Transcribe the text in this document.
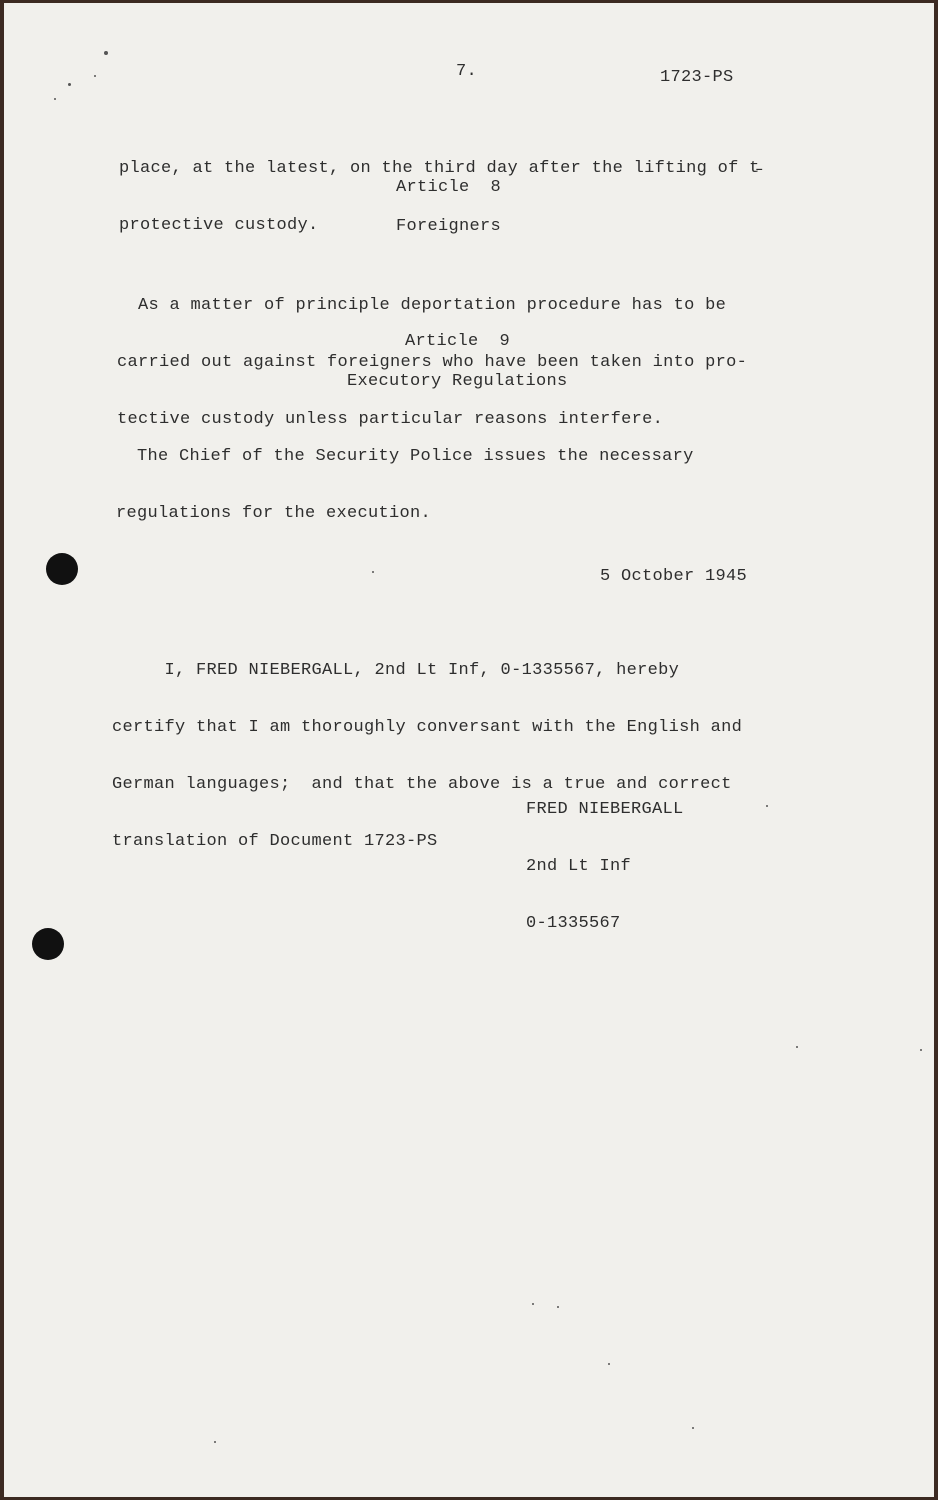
7.	1723-PS

place, at the latest, on the third day after the lifting of t̵

protective custody.

Article  8
Foreigners

As a matter of principle deportation procedure has to be

carried out against foreigners who have been taken into pro-

tective custody unless particular reasons interfere.

Article  9
Executory Regulations

The Chief of the Security Police issues the necessary

regulations for the execution.

5 October 1945

I, FRED NIEBERGALL, 2nd Lt Inf, 0-1335567, hereby

certify that I am thoroughly conversant with the English and

German languages;  and that the above is a true and correct

translation of Document 1723-PS

FRED NIEBERGALL

2nd Lt Inf

0-1335567
